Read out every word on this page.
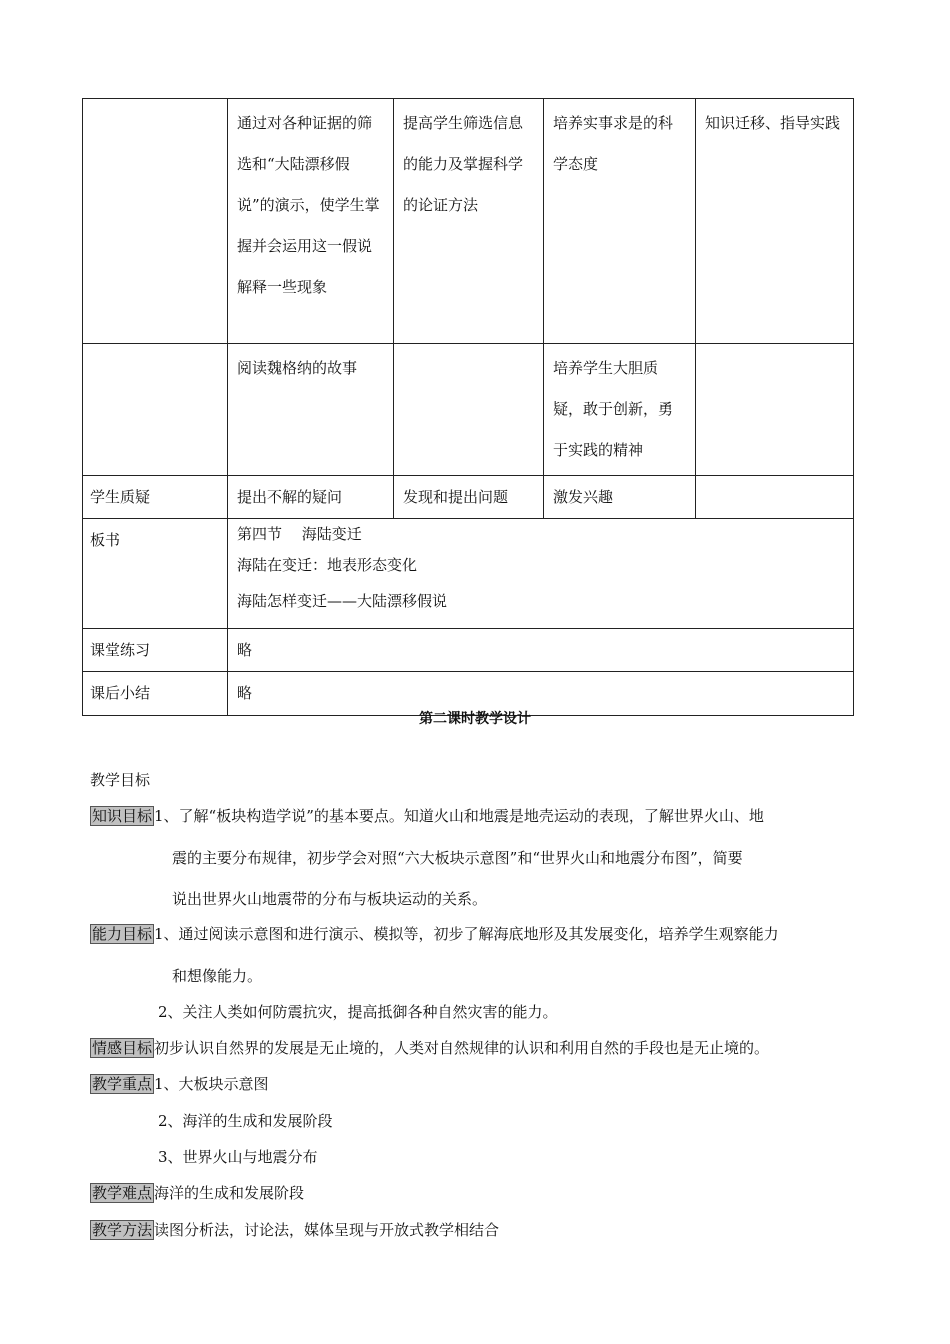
	通过对各种证据的筛选和“大陆漂移假说”的演示，使学生掌握并会运用这一假说解释一些现象	提高学生筛选信息的能力及掌握科学的论证方法	培养实事求是的科学态度	知识迁移、指导实践
	阅读魏格纳的故事		培养学生大胆质疑，敢于创新，勇于实践的精神	
学生质疑	提出不解的疑问	发现和提出问题	激发兴趣	
板书	第四节　 海陆变迁
海陆在变迁：地表形态变化
海陆怎样变迁——大陆漂移假说			

课堂练习	略			
课后小结	略			
第二课时教学设计

教学目标

知识目标 1、了解“板块构造学说”的基本要点。知道火山和地震是地壳运动的表现，了解世界火山、地

震的主要分布规律，初步学会对照“六大板块示意图”和“世界火山和地震分布图”，简要

说出世界火山地震带的分布与板块运动的关系。

能力目标 1、通过阅读示意图和进行演示、模拟等，初步了解海底地形及其发展变化，培养学生观察能力

和想像能力。

2、关注人类如何防震抗灾，提高抵御各种自然灾害的能力。

情感目标 初步认识自然界的发展是无止境的，人类对自然规律的认识和利用自然的手段也是无止境的。

教学重点 1、大板块示意图

2、海洋的生成和发展阶段

3、世界火山与地震分布

教学难点 海洋的生成和发展阶段

教学方法 读图分析法，讨论法，媒体呈现与开放式教学相结合
